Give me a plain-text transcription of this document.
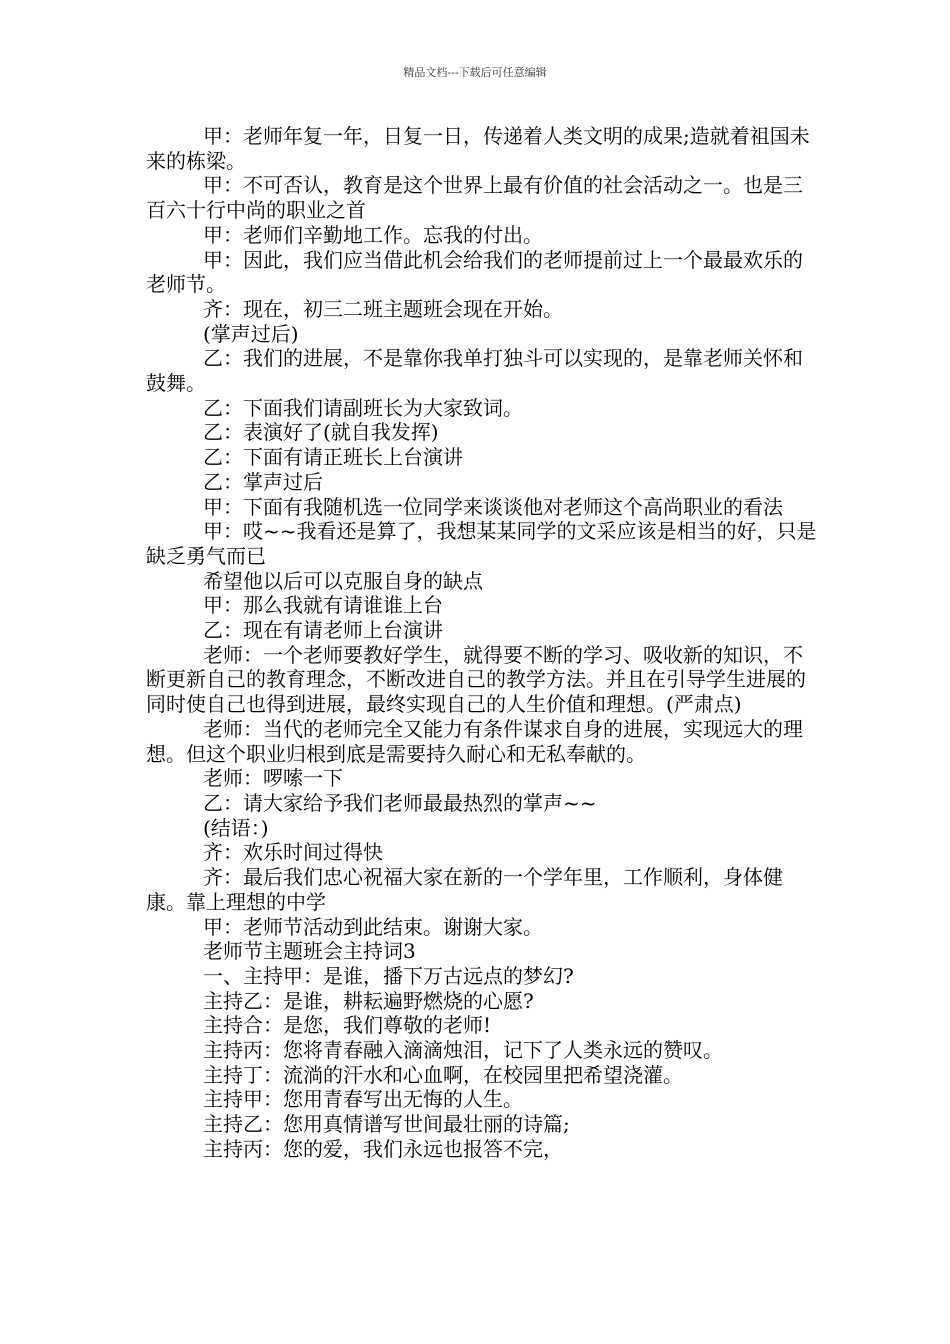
精品文档---下载后可任意编辑

甲：老师年复一年，日复一日，传递着人类文明的成果;造就着祖国未来的栋梁。

甲：不可否认，教育是这个世界上最有价值的社会活动之一。也是三百六十行中尚的职业之首

甲：老师们辛勤地工作。忘我的付出。

甲：因此，我们应当借此机会给我们的老师提前过上一个最最欢乐的老师节。

齐：现在，初三二班主题班会现在开始。

(掌声过后)

乙：我们的进展，不是靠你我单打独斗可以实现的，是靠老师关怀和鼓舞。

乙：下面我们请副班长为大家致词。

乙：表演好了(就自我发挥)

乙：下面有请正班长上台演讲

乙：掌声过后

甲：下面有我随机选一位同学来谈谈他对老师这个高尚职业的看法

甲：哎~~我看还是算了，我想某某同学的文采应该是相当的好，只是缺乏勇气而已

希望他以后可以克服自身的缺点

甲：那么我就有请谁谁上台

乙：现在有请老师上台演讲

老师：一个老师要教好学生，就得要不断的学习、吸收新的知识，不断更新自己的教育理念，不断改进自己的教学方法。并且在引导学生进展的同时使自己也得到进展，最终实现自己的人生价值和理想。(严肃点)

老师：当代的老师完全又能力有条件谋求自身的进展，实现远大的理想。但这个职业归根到底是需要持久耐心和无私奉献的。

老师：啰嗦一下

乙：请大家给予我们老师最最热烈的掌声~~

(结语：)

齐：欢乐时间过得快

齐：最后我们忠心祝福大家在新的一个学年里，工作顺利，身体健康。靠上理想的中学

甲：老师节活动到此结束。谢谢大家。

老师节主题班会主持词3

一、主持甲：是谁，播下万古远点的梦幻?

主持乙：是谁，耕耘遍野燃烧的心愿?

主持合：是您，我们尊敬的老师!

主持丙：您将青春融入滴滴烛泪，记下了人类永远的赞叹。

主持丁：流淌的汗水和心血啊，在校园里把希望浇灌。

主持甲：您用青春写出无悔的人生。

主持乙：您用真情谱写世间最壮丽的诗篇;

主持丙：您的爱，我们永远也报答不完，
